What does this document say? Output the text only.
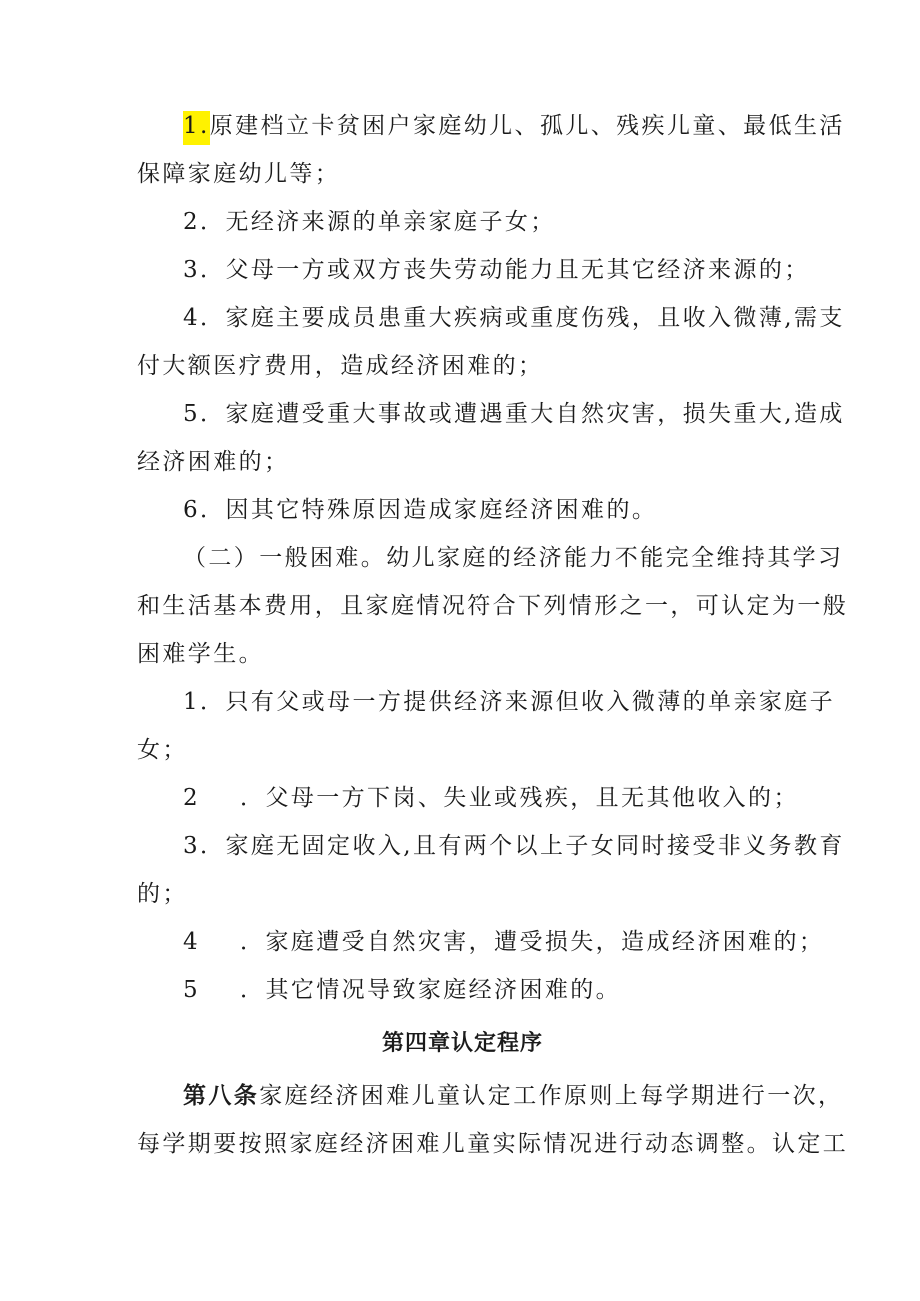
1.原建档立卡贫困户家庭幼儿、孤儿、残疾儿童、最低生活
保障家庭幼儿等；
2．无经济来源的单亲家庭子女；
3．父母一方或双方丧失劳动能力且无其它经济来源的；
4．家庭主要成员患重大疾病或重度伤残，且收入微薄,需支
付大额医疗费用，造成经济困难的；
5．家庭遭受重大事故或遭遇重大自然灾害，损失重大,造成
经济困难的；
6．因其它特殊原因造成家庭经济困难的。
（二）一般困难。幼儿家庭的经济能力不能完全维持其学习
和生活基本费用，且家庭情况符合下列情形之一，可认定为一般
困难学生。
1．只有父或母一方提供经济来源但收入微薄的单亲家庭子
女；
2 ．父母一方下岗、失业或残疾，且无其他收入的；
3．家庭无固定收入,且有两个以上子女同时接受非义务教育
的；
4 ．家庭遭受自然灾害，遭受损失，造成经济困难的；
5 ．其它情况导致家庭经济困难的。
第四章认定程序
第八条家庭经济困难儿童认定工作原则上每学期进行一次，
每学期要按照家庭经济困难儿童实际情况进行动态调整。认定工
